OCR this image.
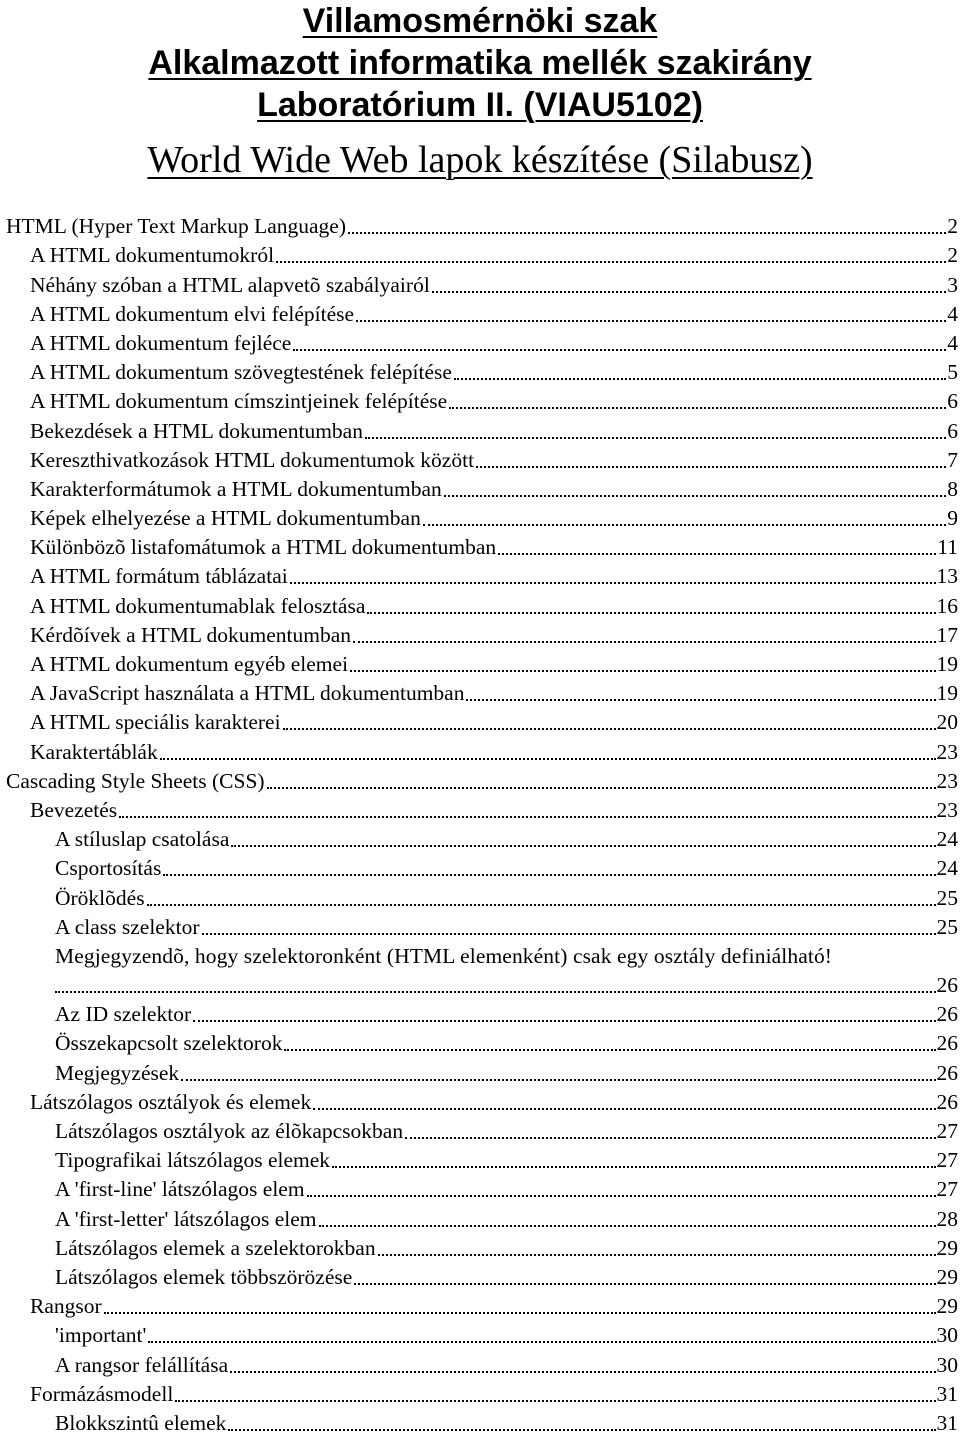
Villamosmérnöki szak
Alkalmazott informatika mellék szakirány
Laboratórium II. (VIAU5102)
World Wide Web lapok készítése (Silabusz)
HTML (Hyper Text Markup Language)	2
A HTML dokumentumokról	2
Néhány szóban a HTML alapvetõ szabályairól	3
A HTML dokumentum elvi felépítése	4
A HTML dokumentum fejléce	4
A HTML dokumentum szövegtestének felépítése	5
A HTML dokumentum címszintjeinek felépítése	6
Bekezdések a HTML dokumentumban	6
Kereszthivatkozások HTML dokumentumok között	7
Karakterformátumok a HTML dokumentumban	8
Képek elhelyezése a HTML dokumentumban	9
Különbözõ listafomátumok a HTML dokumentumban	11
A HTML formátum táblázatai	13
A HTML dokumentumablak felosztása	16
Kérdõívek a HTML dokumentumban	17
A HTML dokumentum egyéb elemei	19
A JavaScript használata a HTML dokumentumban	19
A HTML speciális karakterei	20
Karaktertáblák	23
Cascading Style Sheets (CSS)	23
Bevezetés	23
A stíluslap csatolása	24
Csportosítás	24
Öröklõdés	25
A class szelektor	25
Megjegyzendõ, hogy szelektoronként (HTML elemenként) csak egy osztály definiálható!
26
Az ID szelektor	26
Összekapcsolt szelektorok	26
Megjegyzések	26
Látszólagos osztályok és elemek	26
Látszólagos osztályok az élõkapcsokban	27
Tipografikai látszólagos elemek	27
A 'first-line' látszólagos elem	27
A 'first-letter' látszólagos elem	28
Látszólagos elemek a szelektorokban	29
Látszólagos elemek többszörözése	29
Rangsor	29
'important'	30
A rangsor felállítása	30
Formázásmodell	31
Blokkszintû elemek	31
